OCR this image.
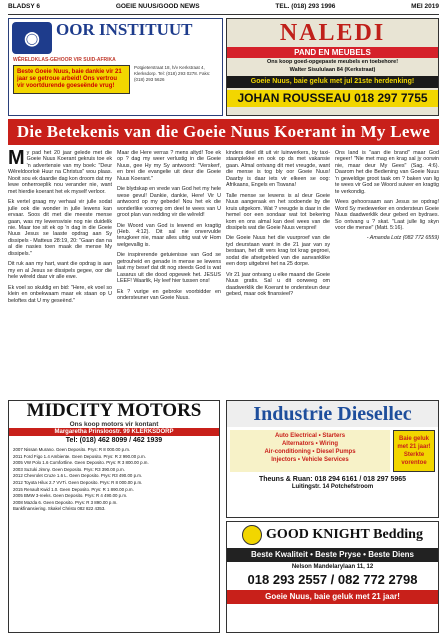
BLADSY 6	GOEIE NUUS/GOOD NEWS	TEL. (018) 293 1996	MEI 2019
◉ OOR INSTITUUT
WÊRELDKLAS-GEHOOR VIR SUID-AFRIKA
Beste Goeie Nuus, baie dankie vir 21 jaar se getroue arbeid! Ons vertrou vir voortdurende goeseënde vrug!
Potgieterstraat 18, h/v Kerkstraat 4, Klerksdorp. Tel: (018) 293 0278. Faks: (018) 293 5626
NALEDI
PAND EN MEUBELS
Ons koop goed-opgepaste meubels en toebehore!
Walter Sisululaan 84 (Kerkstraat)
Goeie Nuus, baie geluk met jul 21ste herdenking!
JOHAN ROUSSEAU 018 297 7755
Die Betekenis van die Goeie Nuus Koerant in My Lewe

My pad het 20 jaar gelede met die Goeie Nuus Koerant gekruis toe ek 'n advertensie van my boek: "Deur Wêreldoorloë Huur na Christus" wou plaas. Nooit sou ek daardie dag kon droom dat my lewe onherroeplik nou verander nie, want met hierdie koerant het ek myself verloor.

Ek vertel graag my verhaal vir julle sodat julle ook die wonder in julle lewens kan ervaar. Soos dit met die meeste mense gaan, was my lewensvisie nog nie duidelik nie. Maar toe sit ek op 'n dag in die Goeie Nuus Jesus se laaste opdrag aan Sy dissipels - Matteus 28:19, 20: "Gaan dan na al die nasies toen maak die mense My dissipels."

Dit ruk aan my hart, want die opdrag is aan my en al Jesus se dissipels gegee, oor die hele wêreld daar vir alle ewe.

Ek voel so skuldig en bid: "Here, ek voel so klein en onbekwaam maar ek staan op U beloftes dat U my geseënd."

Maar die Here verras ? mens altyd! Toe ek op ? dag my weer verlustig in die Goeie Nuus, gee Hy my Sy antwoord: "Verskerf, en brei die evangelie uit deur die Goeie Nuus Koerant."

Die blydskap en vrede van God het my hele wese gevul! Dankie, dankie, Here! Vir U antwoord op my gebede! Nou het ek die wonderlike voorreg om deel te wees van U groot plan van redding vir die wêreld!

Die Woord van God is lewend en kragtig (Heb. 4:12). Dit sal nie onvervulde terugkeer nie, maar alles uitrig wat vir Hom welgevallig is.

Die inspirerende getuienisse van God se getrouheid en genade in mense se lewens laat my besef dat dit nog steeds God is wat Lasarus uit die dood opgewek het. JESUS LEEF! Waarlik, Hy leef hier tussen ons!

Ek ? vurige en gebroke voorbidder en ondersteuner van Goeie Nuus.

kinders deel dit uit vir luinwerkers, by taxi-staanplekke en ook op ds met vakansie gaan. Almal ontvang dit met vreugde, want die mense is tog bly oor Goeie Nuus! Daarby is daar iets vir elkeen se oog: Afrikaans, Engels en Tswana!

Talle mense se lewens is al deur Goeie Nuus aangeraak en het sodoende by die kruis uitgekom. Wat ? vreugde is daar in die hemel oor een sondaar wat tot bekering kom en ons almal kan deel wees van die dissipels wat die Goeie Nuus versprei!

Die Goeie Nuus het die vuurproef van die tyd deurstaan want in die 21 jaar van sy bestaan, het dit vers krag tot krag gegroei, sodat die afsetgebied van die aanvanklike een dorp uitgebrei het na 25 dorpe.

Vir 21 jaar ontvang u elke maand die Goeie Nuus gratis. Sal u dit oorweeg om daadwerklik die Koerant te ondersteun deur gebed, maar ook finansieel?

Ons land is "aan die brand" maar God regeer! "Nie met mag en krag sal jy oorwin nie, maar deur My Gees" (Sag. 4:6). Daarom het die Bediening van Goeie Nuus 'n geweldige groot taak om ? baken van lig te wees vir God se Woord suiwer en kragtig te verkondig.

Wees gehoorsaam aan Jesus se opdrag! Word Sy medewerker en ondersteun Goeie Nuus daadwerklik deur gebed en bydraes. So ontvang u ? skat. "Laat julle lig skyn voor die mense" (Matt. 5:16).

- Amanda Lotz (082 772 6559)

MIDCITY MOTORS
Ons koop motors vir kontant
Margaretha Prinsloostr. 99 KLERKSDORP
Tel: (018) 462 8099 / 462 1939
2007 Nissan Murano. Geen Deposito. Prys: R 8 000.00 p.m.
2011 Ford Figo 1.4 Ambiente. Geen Deposito. Prys: R 2 990.00 p.m.
2005 VW Polo 1.6 Comfortline. Geen Deposito. Prys: R 3 800.00 p.m.
2003 Suzuki Jimny. Geen Deposito. Prys: R3 390.00 p.m.
2012 Chevrolet Cruze 1.6 L. Geen Deposito. Prys: R3 490.00 p.m.
2012 Toyota Hilux 2.7 VVTi. Geen Deposito. Prys: R 8 000.00 p.m.
2015 Renault Kwid 1.0. Geen Deposito. Prys: R 1 890.00 p.m.
2005 BMW 3-reeks. Geen Deposito. Prys: R 4 490.00 p.m.
2008 Mazda 6. Geen Deposito. Prys: R 3 890.00 p.m.
Bankfinansiering. Skakel Christo 082 822 4353.
Industrie Diesellec
Auto Electrical • Starters
Alternators • Wiring
Air-conditioning • Diesel Pumps
Injectors • Vehicle Services
Baie geluk met 21 jaar! Sterkte vorentoe
Theuns & Ruan: 018 294 6161 / 018 297 5965
Luitingstr. 14 Potchefstroom
GOOD KNIGHT Bedding
Beste Kwaliteit • Beste Pryse • Beste Diens
Nelson Mandelarylaan 11, 12
018 293 2557 / 082 772 2798
Goeie Nuus, baie geluk met 21 jaar!
